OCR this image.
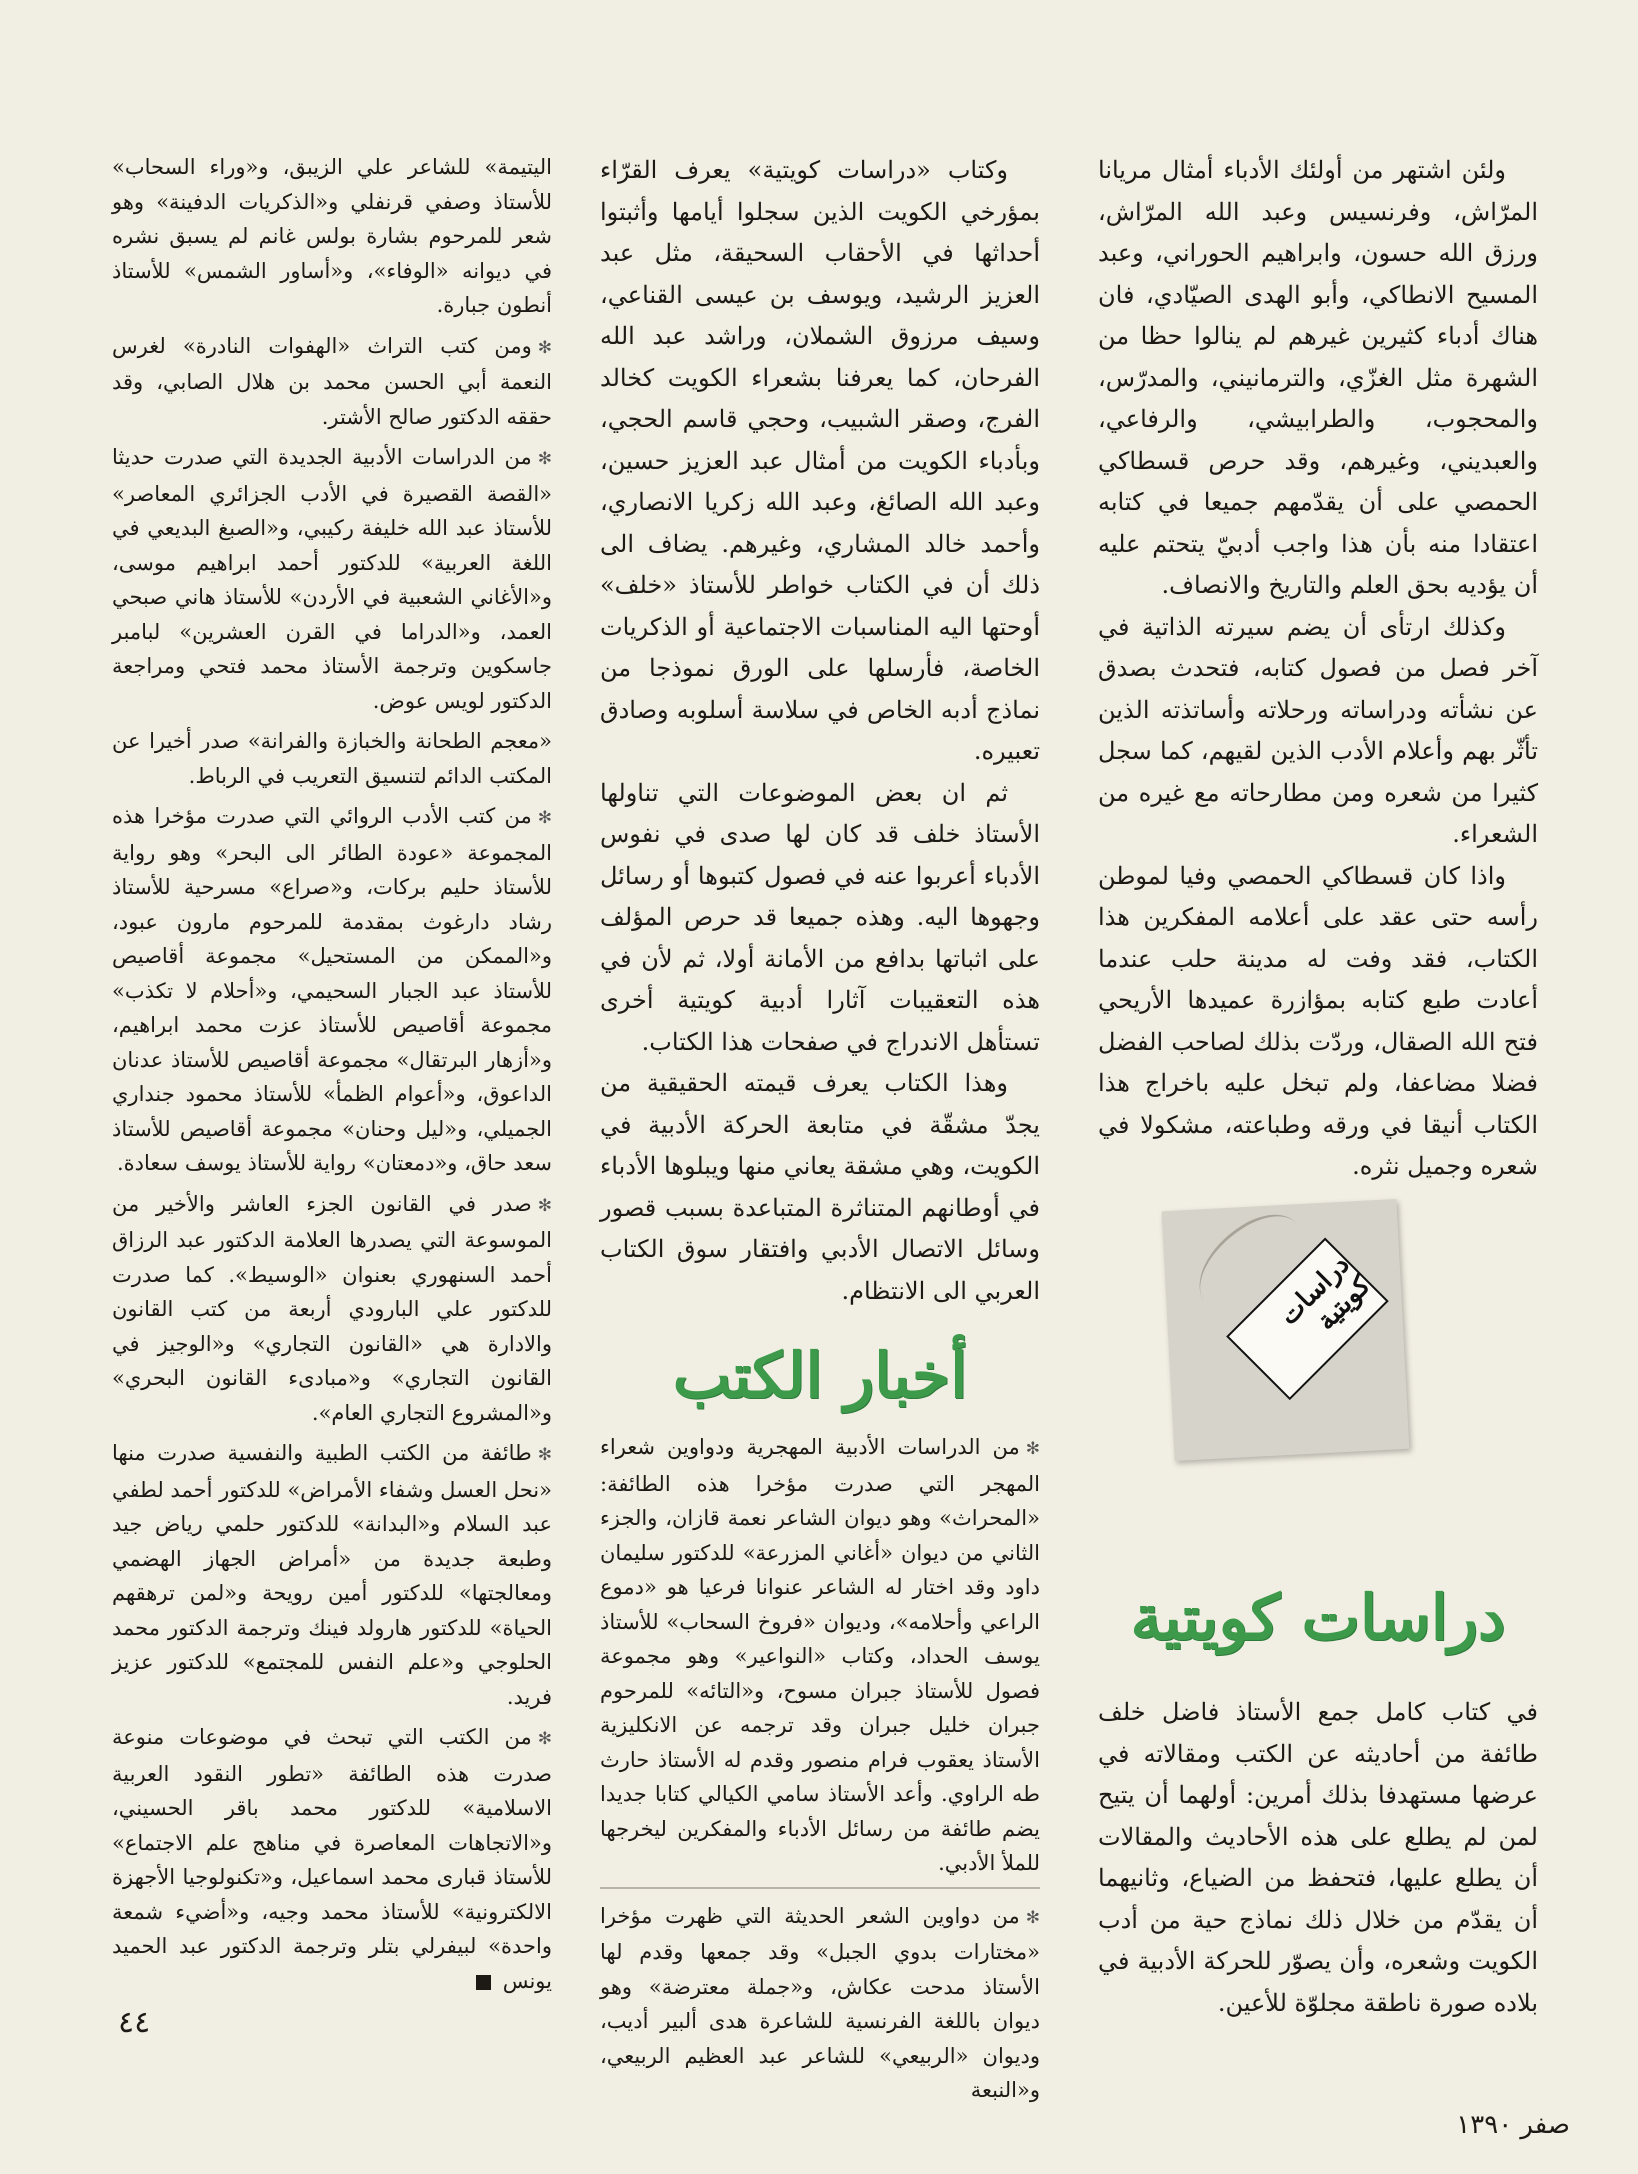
ولئن اشتهر من أولئك الأدباء أمثال مريانا المرّاش، وفرنسيس وعبد الله المرّاش، ورزق الله حسون، وابراهيم الحوراني، وعبد المسيح الانطاكي، وأبو الهدى الصيّادي، فان هناك أدباء كثيرين غيرهم لم ينالوا حظا من الشهرة مثل الغزّي، والترمانيني، والمدرّس، والمحجوب، والطرابيشي، والرفاعي، والعبديني، وغيرهم، وقد حرص قسطاكي الحمصي على أن يقدّمهم جميعا في كتابه اعتقادا منه بأن هذا واجب أدبيّ يتحتم عليه أن يؤديه بحق العلم والتاريخ والانصاف.

وكذلك ارتأى أن يضم سيرته الذاتية في آخر فصل من فصول كتابه، فتحدث بصدق عن نشأته ودراساته ورحلاته وأساتذته الذين تأثّر بهم وأعلام الأدب الذين لقيهم، كما سجل كثيرا من شعره ومن مطارحاته مع غيره من الشعراء.

واذا كان قسطاكي الحمصي وفيا لموطن رأسه حتى عقد على أعلامه المفكرين هذا الكتاب، فقد وفت له مدينة حلب عندما أعادت طبع كتابه بمؤازرة عميدها الأريحي فتح الله الصقال، وردّت بذلك لصاحب الفضل فضلا مضاعفا، ولم تبخل عليه باخراج هذا الكتاب أنيقا في ورقه وطباعته، مشكولا في شعره وجميل نثره.

دراسات كويتية
دراسات كويتية

في كتاب كامل جمع الأستاذ فاضل خلف طائفة من أحاديثه عن الكتب ومقالاته في عرضها مستهدفا بذلك أمرين: أولهما أن يتيح لمن لم يطلع على هذه الأحاديث والمقالات أن يطلع عليها، فتحفظ من الضياع، وثانيهما أن يقدّم من خلال ذلك نماذج حية من أدب الكويت وشعره، وأن يصوّر للحركة الأدبية في بلاده صورة ناطقة مجلوّة للأعين.

وكتاب «دراسات كويتية» يعرف القرّاء بمؤرخي الكويت الذين سجلوا أيامها وأثبتوا أحداثها في الأحقاب السحيقة، مثل عبد العزيز الرشيد، ويوسف بن عيسى القناعي، وسيف مرزوق الشملان، وراشد عبد الله الفرحان، كما يعرفنا بشعراء الكويت كخالد الفرج، وصقر الشبيب، وحجي قاسم الحجي، وبأدباء الكويت من أمثال عبد العزيز حسين، وعبد الله الصائغ، وعبد الله زكريا الانصاري، وأحمد خالد المشاري، وغيرهم. يضاف الى ذلك أن في الكتاب خواطر للأستاذ «خلف» أوحتها اليه المناسبات الاجتماعية أو الذكريات الخاصة، فأرسلها على الورق نموذجا من نماذج أدبه الخاص في سلاسة أسلوبه وصادق تعبيره.

ثم ان بعض الموضوعات التي تناولها الأستاذ خلف قد كان لها صدى في نفوس الأدباء أعربوا عنه في فصول كتبوها أو رسائل وجهوها اليه. وهذه جميعا قد حرص المؤلف على اثباتها بدافع من الأمانة أولا، ثم لأن في هذه التعقيبات آثارا أدبية كويتية أخرى تستأهل الاندراج في صفحات هذا الكتاب.

وهذا الكتاب يعرف قيمته الحقيقية من يجدّ مشقّة في متابعة الحركة الأدبية في الكويت، وهي مشقة يعاني منها ويبلوها الأدباء في أوطانهم المتناثرة المتباعدة بسبب قصور وسائل الاتصال الأدبي وافتقار سوق الكتاب العربي الى الانتظام.

أخبار الكتب

✻من الدراسات الأدبية المهجرية ودواوين شعراء المهجر التي صدرت مؤخرا هذه الطائفة: «المحراث» وهو ديوان الشاعر نعمة قازان، والجزء الثاني من ديوان «أغاني المزرعة» للدكتور سليمان داود وقد اختار له الشاعر عنوانا فرعيا هو «دموع الراعي وأحلامه»، وديوان «فروخ السحاب» للأستاذ يوسف الحداد، وكتاب «النواعير» وهو مجموعة فصول للأستاذ جبران مسوح، و«التائه» للمرحوم جبران خليل جبران وقد ترجمه عن الانكليزية الأستاذ يعقوب فرام منصور وقدم له الأستاذ حارث طه الراوي. وأعد الأستاذ سامي الكيالي كتابا جديدا يضم طائفة من رسائل الأدباء والمفكرين ليخرجها للملأ الأدبي.

✻من دواوين الشعر الحديثة التي ظهرت مؤخرا «مختارات بدوي الجبل» وقد جمعها وقدم لها الأستاذ مدحت عكاش، و«جملة معترضة» وهو ديوان باللغة الفرنسية للشاعرة هدى ألبير أديب، وديوان «الربيعي» للشاعر عبد العظيم الربيعي، و«النبعة

اليتيمة» للشاعر علي الزيبق، و«وراء السحاب» للأستاذ وصفي قرنفلي و«الذكريات الدفينة» وهو شعر للمرحوم بشارة بولس غانم لم يسبق نشره في ديوانه «الوفاء»، و«أساور الشمس» للأستاذ أنطون جبارة.

✻ومن كتب التراث «الهفوات النادرة» لغرس النعمة أبي الحسن محمد بن هلال الصابي، وقد حققه الدكتور صالح الأشتر.

✻من الدراسات الأدبية الجديدة التي صدرت حديثا «القصة القصيرة في الأدب الجزائري المعاصر» للأستاذ عبد الله خليفة ركيبي، و«الصبغ البديعي في اللغة العربية» للدكتور أحمد ابراهيم موسى، و«الأغاني الشعبية في الأردن» للأستاذ هاني صبحي العمد، و«الدراما في القرن العشرين» لبامبر جاسكوين وترجمة الأستاذ محمد فتحي ومراجعة الدكتور لويس عوض.

«معجم الطحانة والخبازة والفرانة» صدر أخيرا عن المكتب الدائم لتنسيق التعريب في الرباط.

✻من كتب الأدب الروائي التي صدرت مؤخرا هذه المجموعة «عودة الطائر الى البحر» وهو رواية للأستاذ حليم بركات، و«صراع» مسرحية للأستاذ رشاد دارغوث بمقدمة للمرحوم مارون عبود، و«الممكن من المستحيل» مجموعة أقاصيص للأستاذ عبد الجبار السحيمي، و«أحلام لا تكذب» مجموعة أقاصيص للأستاذ عزت محمد ابراهيم، و«أزهار البرتقال» مجموعة أقاصيص للأستاذ عدنان الداعوق، و«أعوام الظمأ» للأستاذ محمود جنداري الجميلي، و«ليل وحنان» مجموعة أقاصيص للأستاذ سعد حاق، و«دمعتان» رواية للأستاذ يوسف سعادة.

✻صدر في القانون الجزء العاشر والأخير من الموسوعة التي يصدرها العلامة الدكتور عبد الرزاق أحمد السنهوري بعنوان «الوسيط». كما صدرت للدكتور علي البارودي أربعة من كتب القانون والادارة هي «القانون التجاري» و«الوجيز في القانون التجاري» و«مبادىء القانون البحري» و«المشروع التجاري العام».

✻طائفة من الكتب الطبية والنفسية صدرت منها «نحل العسل وشفاء الأمراض» للدكتور أحمد لطفي عبد السلام و«البدانة» للدكتور حلمي رياض جيد وطبعة جديدة من «أمراض الجهاز الهضمي ومعالجتها» للدكتور أمين رويحة و«لمن ترهقهم الحياة» للدكتور هارولد فينك وترجمة الدكتور محمد الحلوجي و«علم النفس للمجتمع» للدكتور عزيز فريد.

✻من الكتب التي تبحث في موضوعات منوعة صدرت هذه الطائفة «تطور النقود العربية الاسلامية» للدكتور محمد باقر الحسيني، و«الاتجاهات المعاصرة في مناهج علم الاجتماع» للأستاذ قبارى محمد اسماعيل، و«تكنولوجيا الأجهزة الالكترونية» للأستاذ محمد وجيه، و«أضيء شمعة واحدة» لبيفرلي بتلر وترجمة الدكتور عبد الحميد يونس

٤٤
صفر ١٣٩٠
